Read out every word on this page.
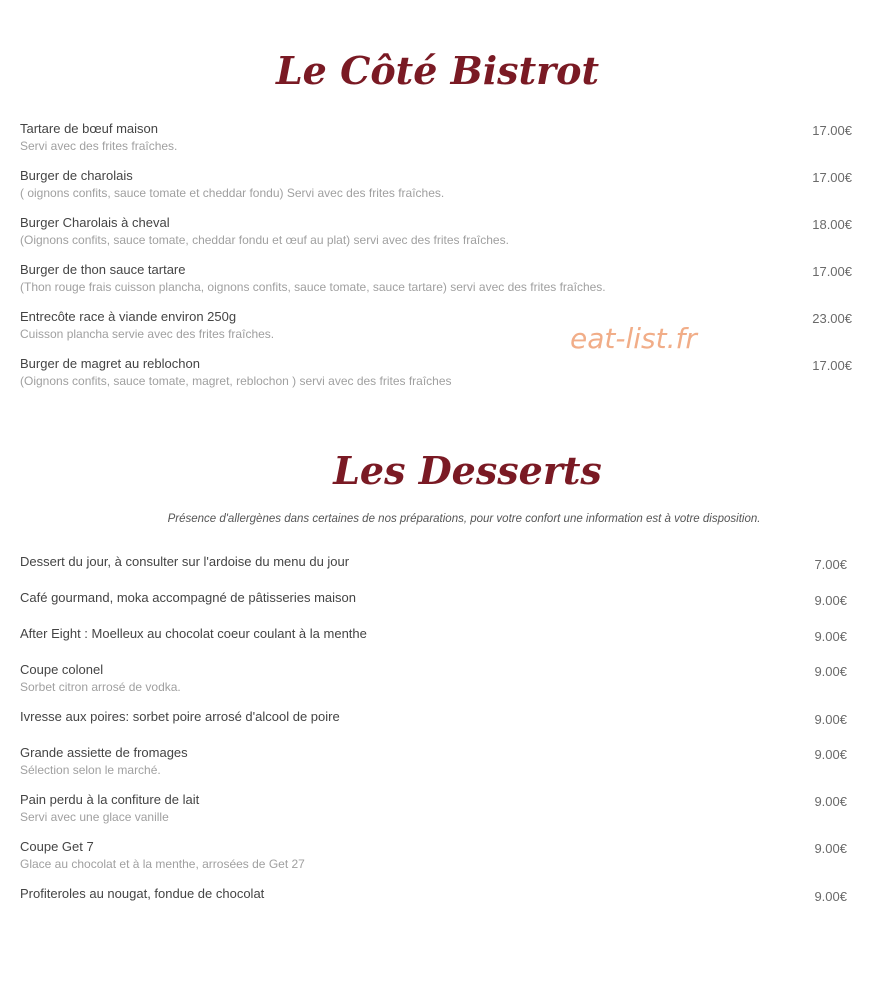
Le Côté Bistrot
Tartare de bœuf maison
Servi avec des frites fraîches.
17.00€
Burger de charolais
( oignons confits, sauce tomate et cheddar fondu) Servi avec des frites fraîches.
17.00€
Burger Charolais à cheval
(Oignons confits, sauce tomate, cheddar fondu et œuf au plat) servi avec des frites fraîches.
18.00€
Burger de thon sauce tartare
(Thon rouge frais cuisson plancha, oignons confits, sauce tomate, sauce tartare) servi avec des frites fraîches.
17.00€
Entrecôte race à viande environ 250g
Cuisson plancha servie avec des frites fraîches.
23.00€
Burger de magret au reblochon
(Oignons confits, sauce tomate, magret, reblochon ) servi avec des frites fraîches
17.00€
eat-list.fr
Les Desserts
Présence d'allergènes dans certaines de nos préparations, pour votre confort une information est à votre disposition.
Dessert du jour, à consulter sur l'ardoise du menu du jour	7.00€
Café gourmand, moka accompagné de pâtisseries maison	9.00€
After Eight : Moelleux au chocolat coeur coulant à la menthe	9.00€
Coupe colonel
Sorbet citron arrosé de vodka.
9.00€
Ivresse aux poires: sorbet poire arrosé d'alcool de poire	9.00€
Grande assiette de fromages
Sélection selon le marché.
9.00€
Pain perdu à la confiture de lait
Servi avec une glace vanille
9.00€
Coupe Get 7
Glace au chocolat et à la menthe, arrosées de Get 27
9.00€
Profiteroles au nougat, fondue de chocolat	9.00€
